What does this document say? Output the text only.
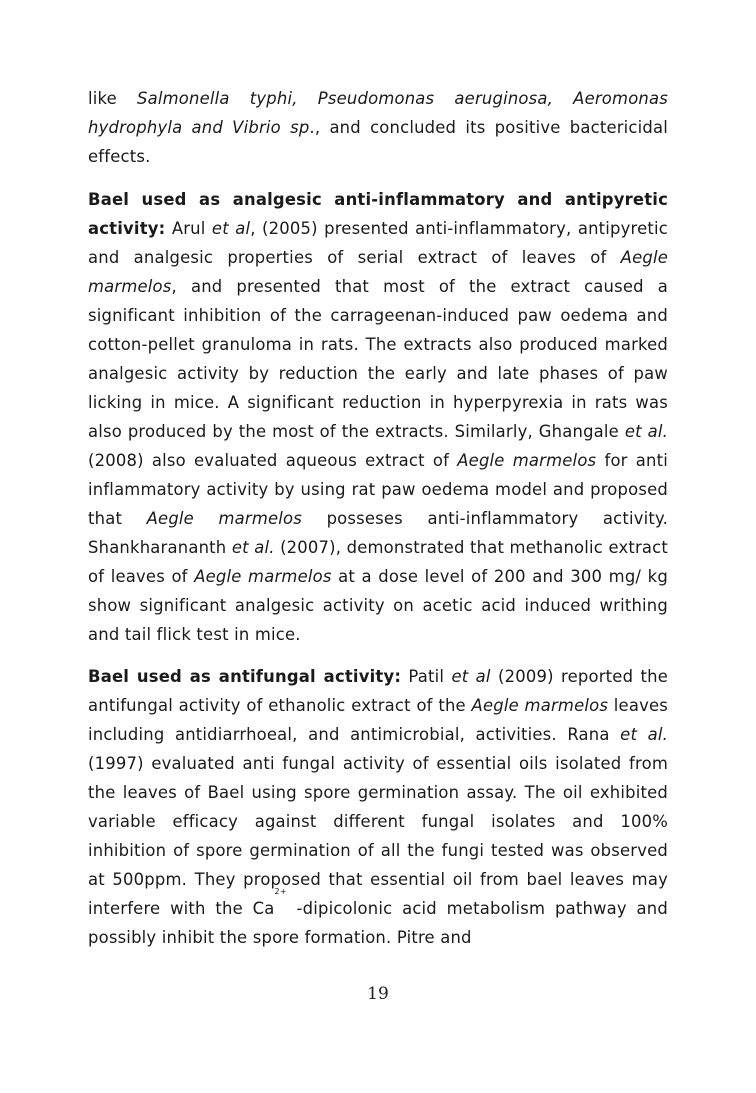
like Salmonella typhi, Pseudomonas aeruginosa, Aeromonas hydrophyla and Vibrio sp., and concluded its positive bactericidal effects.

Bael used as analgesic anti-inflammatory and antipyretic activity: Arul et al, (2005) presented anti-inflammatory, antipyretic and analgesic properties of serial extract of leaves of Aegle marmelos, and presented that most of the extract caused a significant inhibition of the carrageenan-induced paw oedema and cotton-pellet granuloma in rats. The extracts also produced marked analgesic activity by reduction the early and late phases of paw licking in mice. A significant reduction in hyperpyrexia in rats was also produced by the most of the extracts. Similarly, Ghangale et al. (2008) also evaluated aqueous extract of Aegle marmelos for anti inflammatory activity by using rat paw oedema model and proposed that Aegle marmelos posseses anti-inflammatory activity. Shankharananth et al. (2007), demonstrated that methanolic extract of leaves of Aegle marmelos at a dose level of 200 and 300 mg/ kg show significant analgesic activity on acetic acid induced writhing and tail flick test in mice.

Bael used as antifungal activity: Patil et al (2009) reported the antifungal activity of ethanolic extract of the Aegle marmelos leaves including antidiarrhoeal, and antimicrobial, activities. Rana et al. (1997) evaluated anti fungal activity of essential oils isolated from the leaves of Bael using spore germination assay. The oil exhibited variable efficacy against different fungal isolates and 100% inhibition of spore germination of all the fungi tested was observed at 500ppm. They proposed that essential oil from bael leaves may interfere with the $Ca^{2+}$ -dipicolonic acid metabolism pathway and possibly inhibit the spore formation. Pitre and

19
